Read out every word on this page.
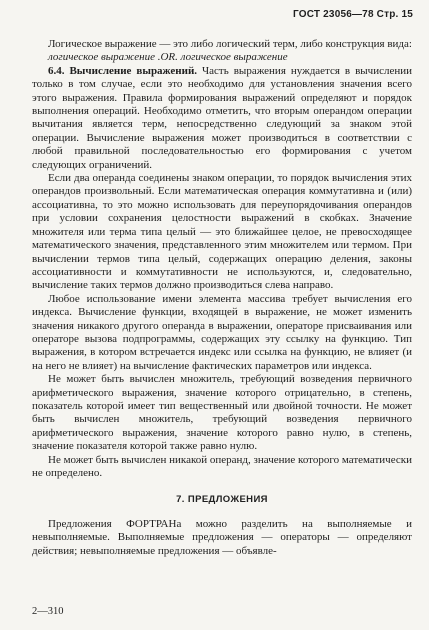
ГОСТ 23056—78 Стр. 15

Логическое выражение — это либо логический терм, либо конструкция вида:

логическое выражение .OR. логическое выражение

6.4. Вычисление выражений. Часть выражения нуждается в вычислении только в том случае, если это необходимо для установления значения всего этого выражения. Правила формирования выражений определяют и порядок выполнения операций. Необходимо отметить, что вторым операндом операции вычитания является терм, непосредственно следующий за знаком этой операции. Вычисление выражения может производиться в соответствии с любой правильной последовательностью его формирования с учетом следующих ограничений.

Если два операнда соединены знаком операции, то порядок вычисления этих операндов произвольный. Если математическая операция коммутативна и (или) ассоциативна, то это можно использовать для переупорядочивания операндов при условии сохранения целостности выражений в скобках. Значение множителя или терма типа целый — это ближайшее целое, не превосходящее математического значения, представленного этим множителем или термом. При вычислении термов типа целый, содержащих операцию деления, законы ассоциативности и коммутативности не используются, и, следовательно, вычисление таких термов должно производиться слева направо.

Любое использование имени элемента массива требует вычисления его индекса. Вычисление функции, входящей в выражение, не может изменить значения никакого другого операнда в выражении, операторе присваивания или операторе вызова подпрограммы, содержащих эту ссылку на функцию. Тип выражения, в котором встречается индекс или ссылка на функцию, не влияет (и на него не влияет) на вычисление фактических параметров или индекса.

Не может быть вычислен множитель, требующий возведения первичного арифметического выражения, значение которого отрицательно, в степень, показатель которой имеет тип вещественный или двойной точности. Не может быть вычислен множитель, требующий возведения первичного арифметического выражения, значение которого равно нулю, в степень, значение показателя которой также равно нулю.

Не может быть вычислен никакой операнд, значение которого математически не определено.

7. ПРЕДЛОЖЕНИЯ

Предложения ФОРТРАНа можно разделить на выполняемые и невыполняемые. Выполняемые предложения — операторы — определяют действия; невыполняемые предложения — объявле-

2—310
